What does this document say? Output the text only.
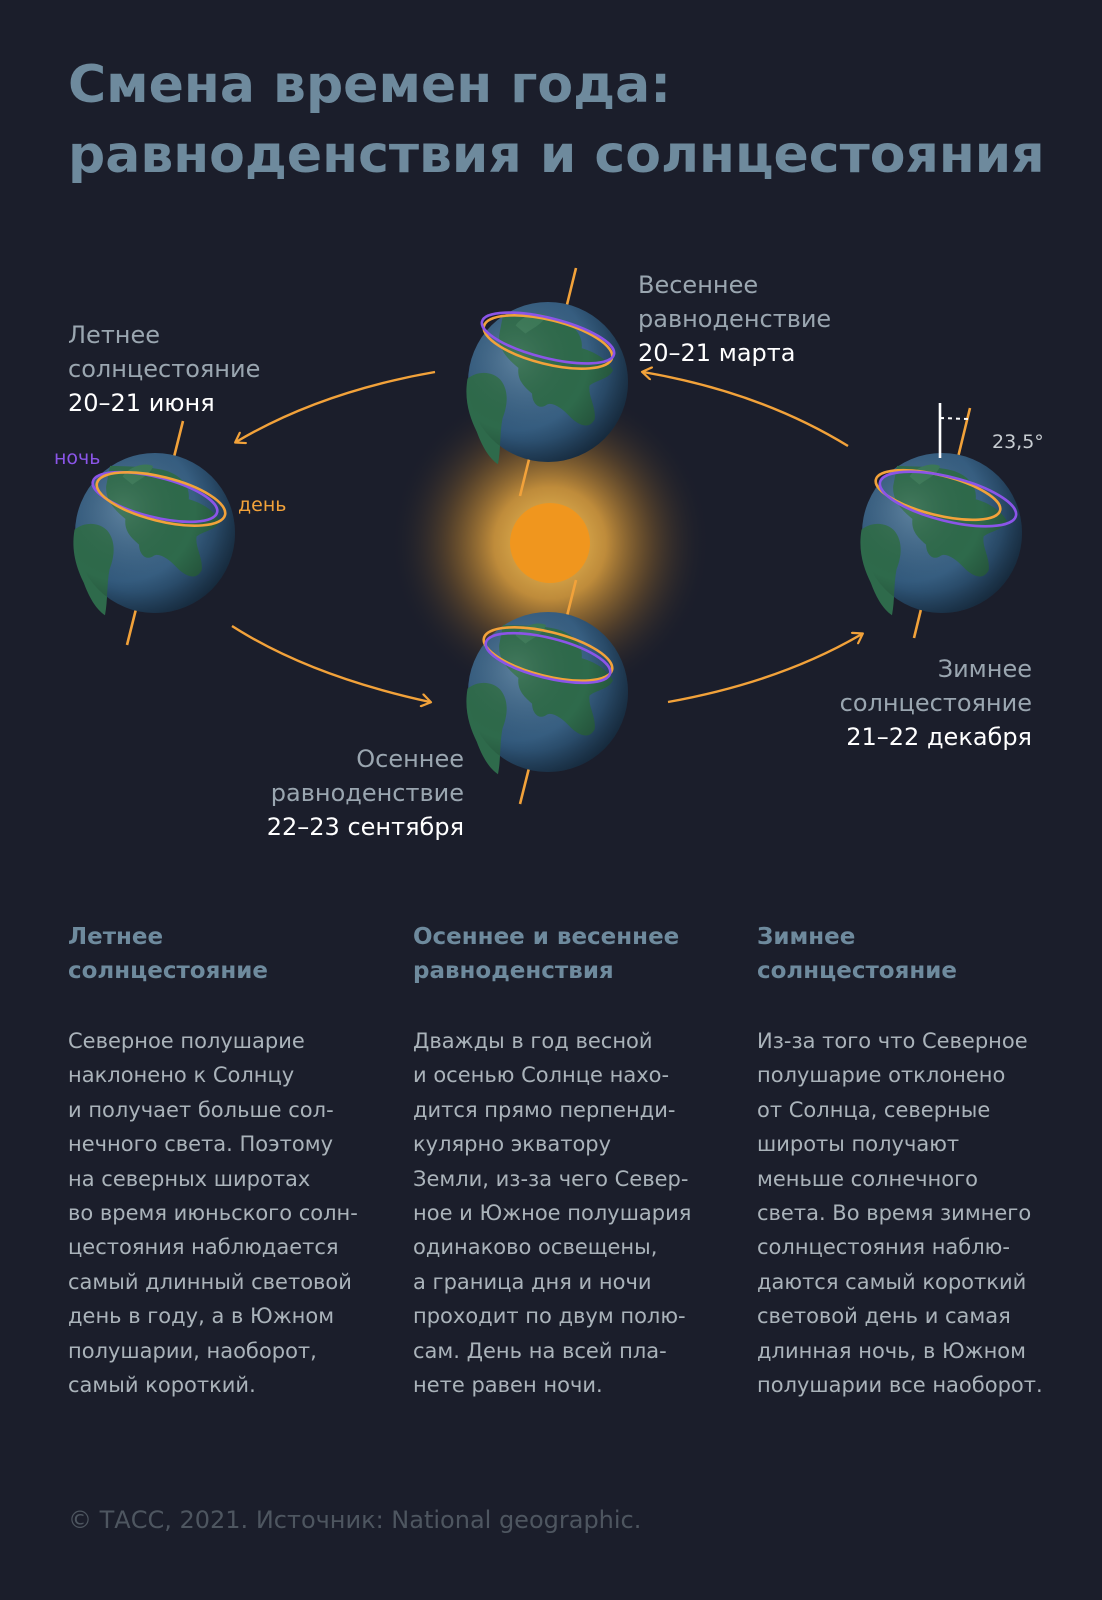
Смена времен года:
равноденствия и солнцестояния
Летнее
солнцестояние
20–21 июня
Весеннее
равноденствие
20–21 марта
Зимнее
солнцестояние
21–22 декабря
Осеннее
равноденствие
22–23 сентября
ночь
день
23,5°
Летнее
солнцестояние

Северное полушарие
наклонено к Солнцу
и получает больше сол-
нечного света. Поэтому
на северных широтах
во время июньского солн-
цестояния наблюдается
самый длинный световой
день в году, а в Южном
полушарии, наоборот,
самый короткий.

Осеннее и весеннее
равноденствия

Дважды в год весной
и осенью Солнце нахо-
дится прямо перпенди-
кулярно экватору
Земли, из-за чего Север-
ное и Южное полушария
одинаково освещены,
а граница дня и ночи
проходит по двум полю-
сам. День на всей пла-
нете равен ночи.

Зимнее
солнцестояние

Из-за того что Северное
полушарие отклонено
от Солнца, северные
широты получают
меньше солнечного
света. Во время зимнего
солнцестояния наблю-
даются самый короткий
световой день и самая
длинная ночь, в Южном
полушарии все наоборот.

© ТАСС, 2021. Источник: National geographic.
